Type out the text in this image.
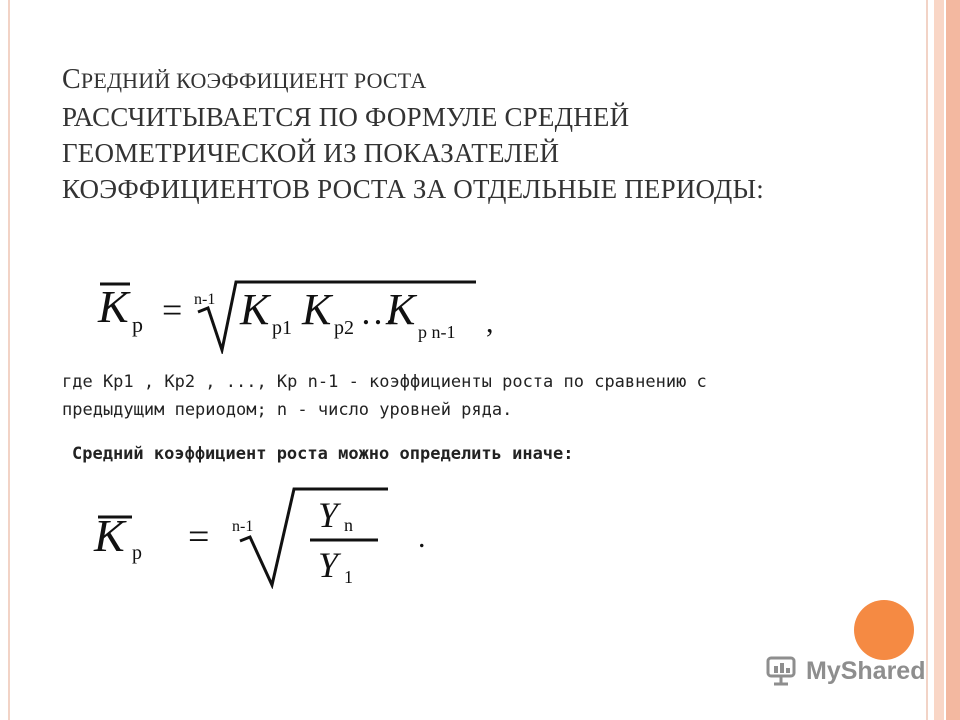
СРЕДНИЙ КОЭФФИЦИЕНТ РОСТА
РАССЧИТЫВАЕТСЯ ПО ФОРМУЛЕ СРЕДНЕЙ
ГЕОМЕТРИЧЕСКОЙ ИЗ ПОКАЗАТЕЛЕЙ
КОЭФФИЦИЕНТОВ РОСТА ЗА ОТДЕЛЬНЫЕ ПЕРИОДЫ:
K р = n-1 K р1 K р2 …
K р n-1 ,
где Кр1 , Кр2 , ..., Кр n-1 - коэффициенты роста по сравнению с
предыдущим периодом; n - число уровней ряда.
Средний коэффициент роста можно определить иначе:
K р = n-1 Y n
Y 1
.
MyShared
